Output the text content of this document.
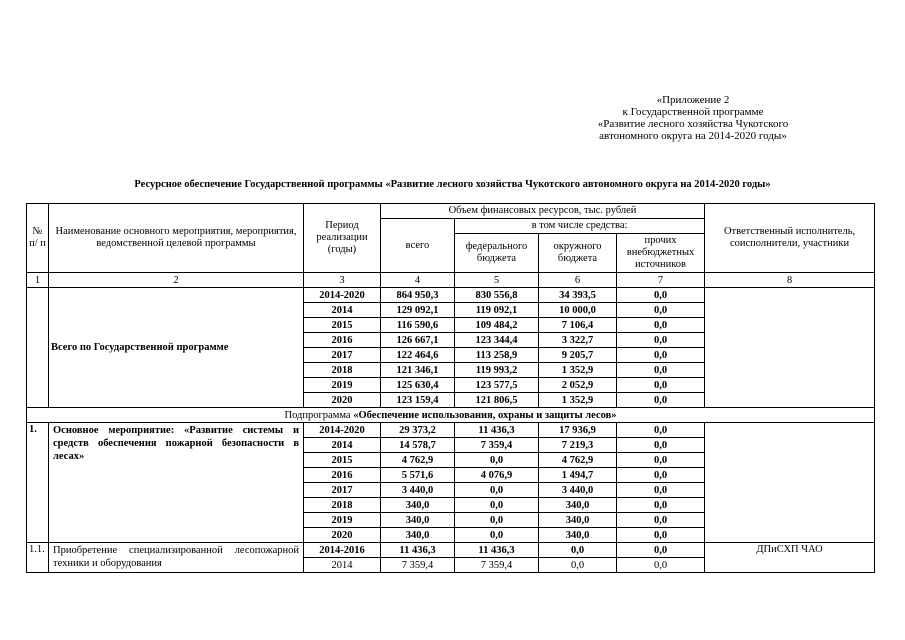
«Приложение 2
к Государственной программе
«Развитие лесного хозяйства Чукотского
автономного округа на 2014-2020 годы»
Ресурсное обеспечение Государственной программы «Развитие лесного хозяйства Чукотского автономного округа на 2014-2020 годы»
№ п/ п	Наименование основного мероприятия, мероприятия, ведомственной целевой программы	Период реализации (годы)	Объем финансовых ресурсов, тыс. рублей				Ответственный исполнитель, соисполнители, участники
			всего	в том числе средства:			
				федерального бюджета	окружного бюджета	прочих внебюджетных источников	
1	2	3	4	5	6	7	8
	Всего по Государственной программе	2014-2020	864 950,3	830 556,8	34 393,5	0,0	
		2014	129 092,1	119 092,1	10 000,0	0,0	
		2015	116 590,6	109 484,2	7 106,4	0,0	
		2016	126 667,1	123 344,4	3 322,7	0,0	
		2017	122 464,6	113 258,9	9 205,7	0,0	
		2018	121 346,1	119 993,2	1 352,9	0,0	
		2019	125 630,4	123 577,5	2 052,9	0,0	
		2020	123 159,4	121 806,5	1 352,9	0,0	
Подпрограмма «Обеспечение использования, охраны и защиты лесов»							
1.	Основное мероприятие: «Развитие системы и средств обеспечения пожарной безопасности в лесах»	2014-2020	29 373,2	11 436,3	17 936,9	0,0	
		2014	14 578,7	7 359,4	7 219,3	0,0	
		2015	4 762,9	0,0	4 762,9	0,0	
		2016	5 571,6	4 076,9	1 494,7	0,0	
		2017	3 440,0	0,0	3 440,0	0,0	
		2018	340,0	0,0	340,0	0,0	
		2019	340,0	0,0	340,0	0,0	
		2020	340,0	0,0	340,0	0,0	
1.1.	Приобретение специализированной лесопожарной техники и оборудования	2014-2016	11 436,3	11 436,3	0,0	0,0	ДПиСХП ЧАО
		2014	7 359,4	7 359,4	0,0	0,0	
